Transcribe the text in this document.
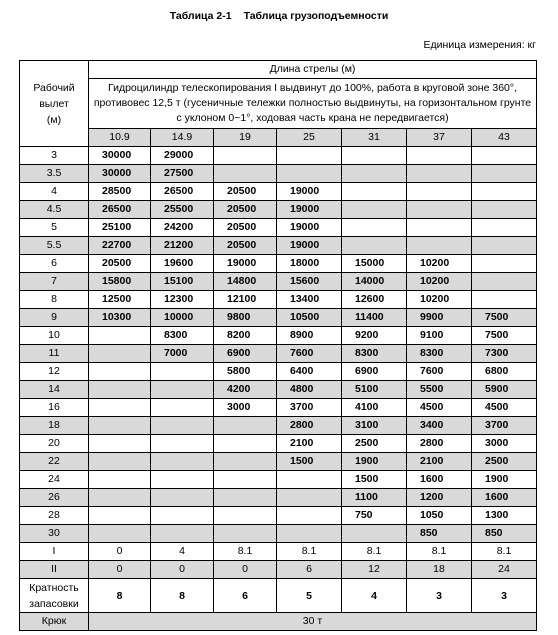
Таблица 2-1 Таблица грузоподъемности
Единица измерения: кг
Рабочий
вылет
(м)	Длина стрелы (м)						
	Гидроцилиндр телескопирования I выдвинут до 100%, работа в круговой зоне 360°, противовес 12,5 т (гусеничные тележки полностью выдвинуты, на горизонтальном грунте с уклоном 0~1°, ходовая часть крана не передвигается)						
	10.9	14.9	19	25	31	37	43
3	30000	29000					
3.5	30000	27500					
4	28500	26500	20500	19000			
4.5	26500	25500	20500	19000			
5	25100	24200	20500	19000			
5.5	22700	21200	20500	19000			
6	20500	19600	19000	18000	15000	10200	
7	15800	15100	14800	15600	14000	10200	
8	12500	12300	12100	13400	12600	10200	
9	10300	10000	9800	10500	11400	9900	7500
10		8300	8200	8900	9200	9100	7500
11		7000	6900	7600	8300	8300	7300
12			5800	6400	6900	7600	6800
14			4200	4800	5100	5500	5900
16			3000	3700	4100	4500	4500
18				2800	3100	3400	3700
20				2100	2500	2800	3000
22				1500	1900	2100	2500
24					1500	1600	1900
26					1100	1200	1600
28					750	1050	1300
30						850	850
I	0	4	8.1	8.1	8.1	8.1	8.1
II	0	0	0	6	12	18	24

Кратность
запасовки	8	8	6	5	4	3	3
Крюк	30 т						
